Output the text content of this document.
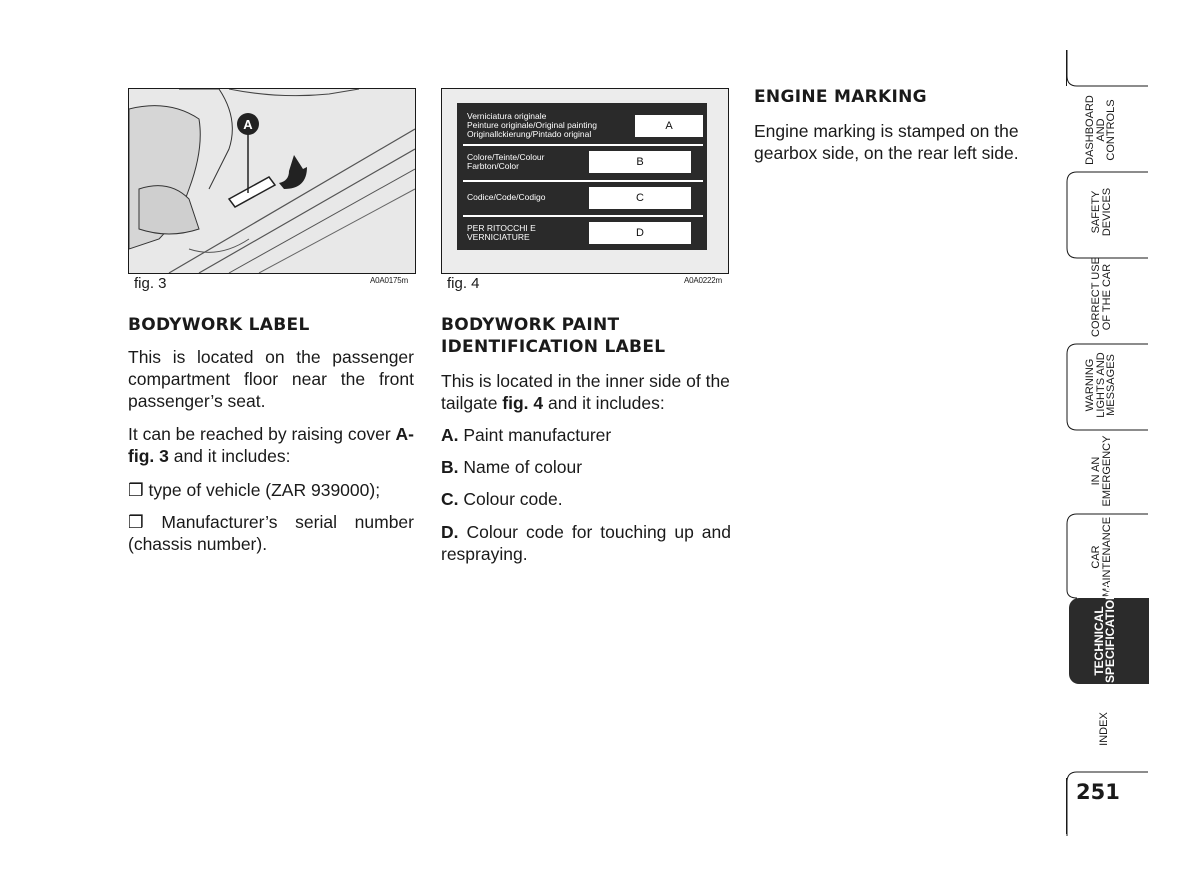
A
fig. 3	A0A0175m
Verniciatura originale
Peinture originale/Original painting
Originallckierung/Pintado original
A
Colore/Teinte/Colour
Farbton/Color	B
Codice/Code/Codigo	C
PER RITOCCHI E
VERNICIATURE	D
fig. 4	A0A0222m
BODYWORK LABEL
This is located on the passenger compartment floor near the front passenger’s seat.
It can be reached by raising cover A-fig. 3 and it includes:
❒ type of vehicle (ZAR 939000);
❒ Manufacturer’s serial number (chassis number).
BODYWORK PAINT
IDENTIFICATION LABEL
This is located in the inner side of the tailgate fig. 4 and it includes:
A. Paint manufacturer
B. Name of colour
C. Colour code.
D. Colour code for touching up and respraying.
ENGINE MARKING
Engine marking is stamped on the gearbox side, on the rear left side.	DASHBOARD
AND
CONTROLS
SAFETY
DEVICES
CORRECT USE
OF THE CAR
WARNING
LIGHTS AND
MESSAGES
IN AN
EMERGENCY
CAR
MAINTENANCE
TECHNICAL
SPECIFICATIONS
INDEX
251
